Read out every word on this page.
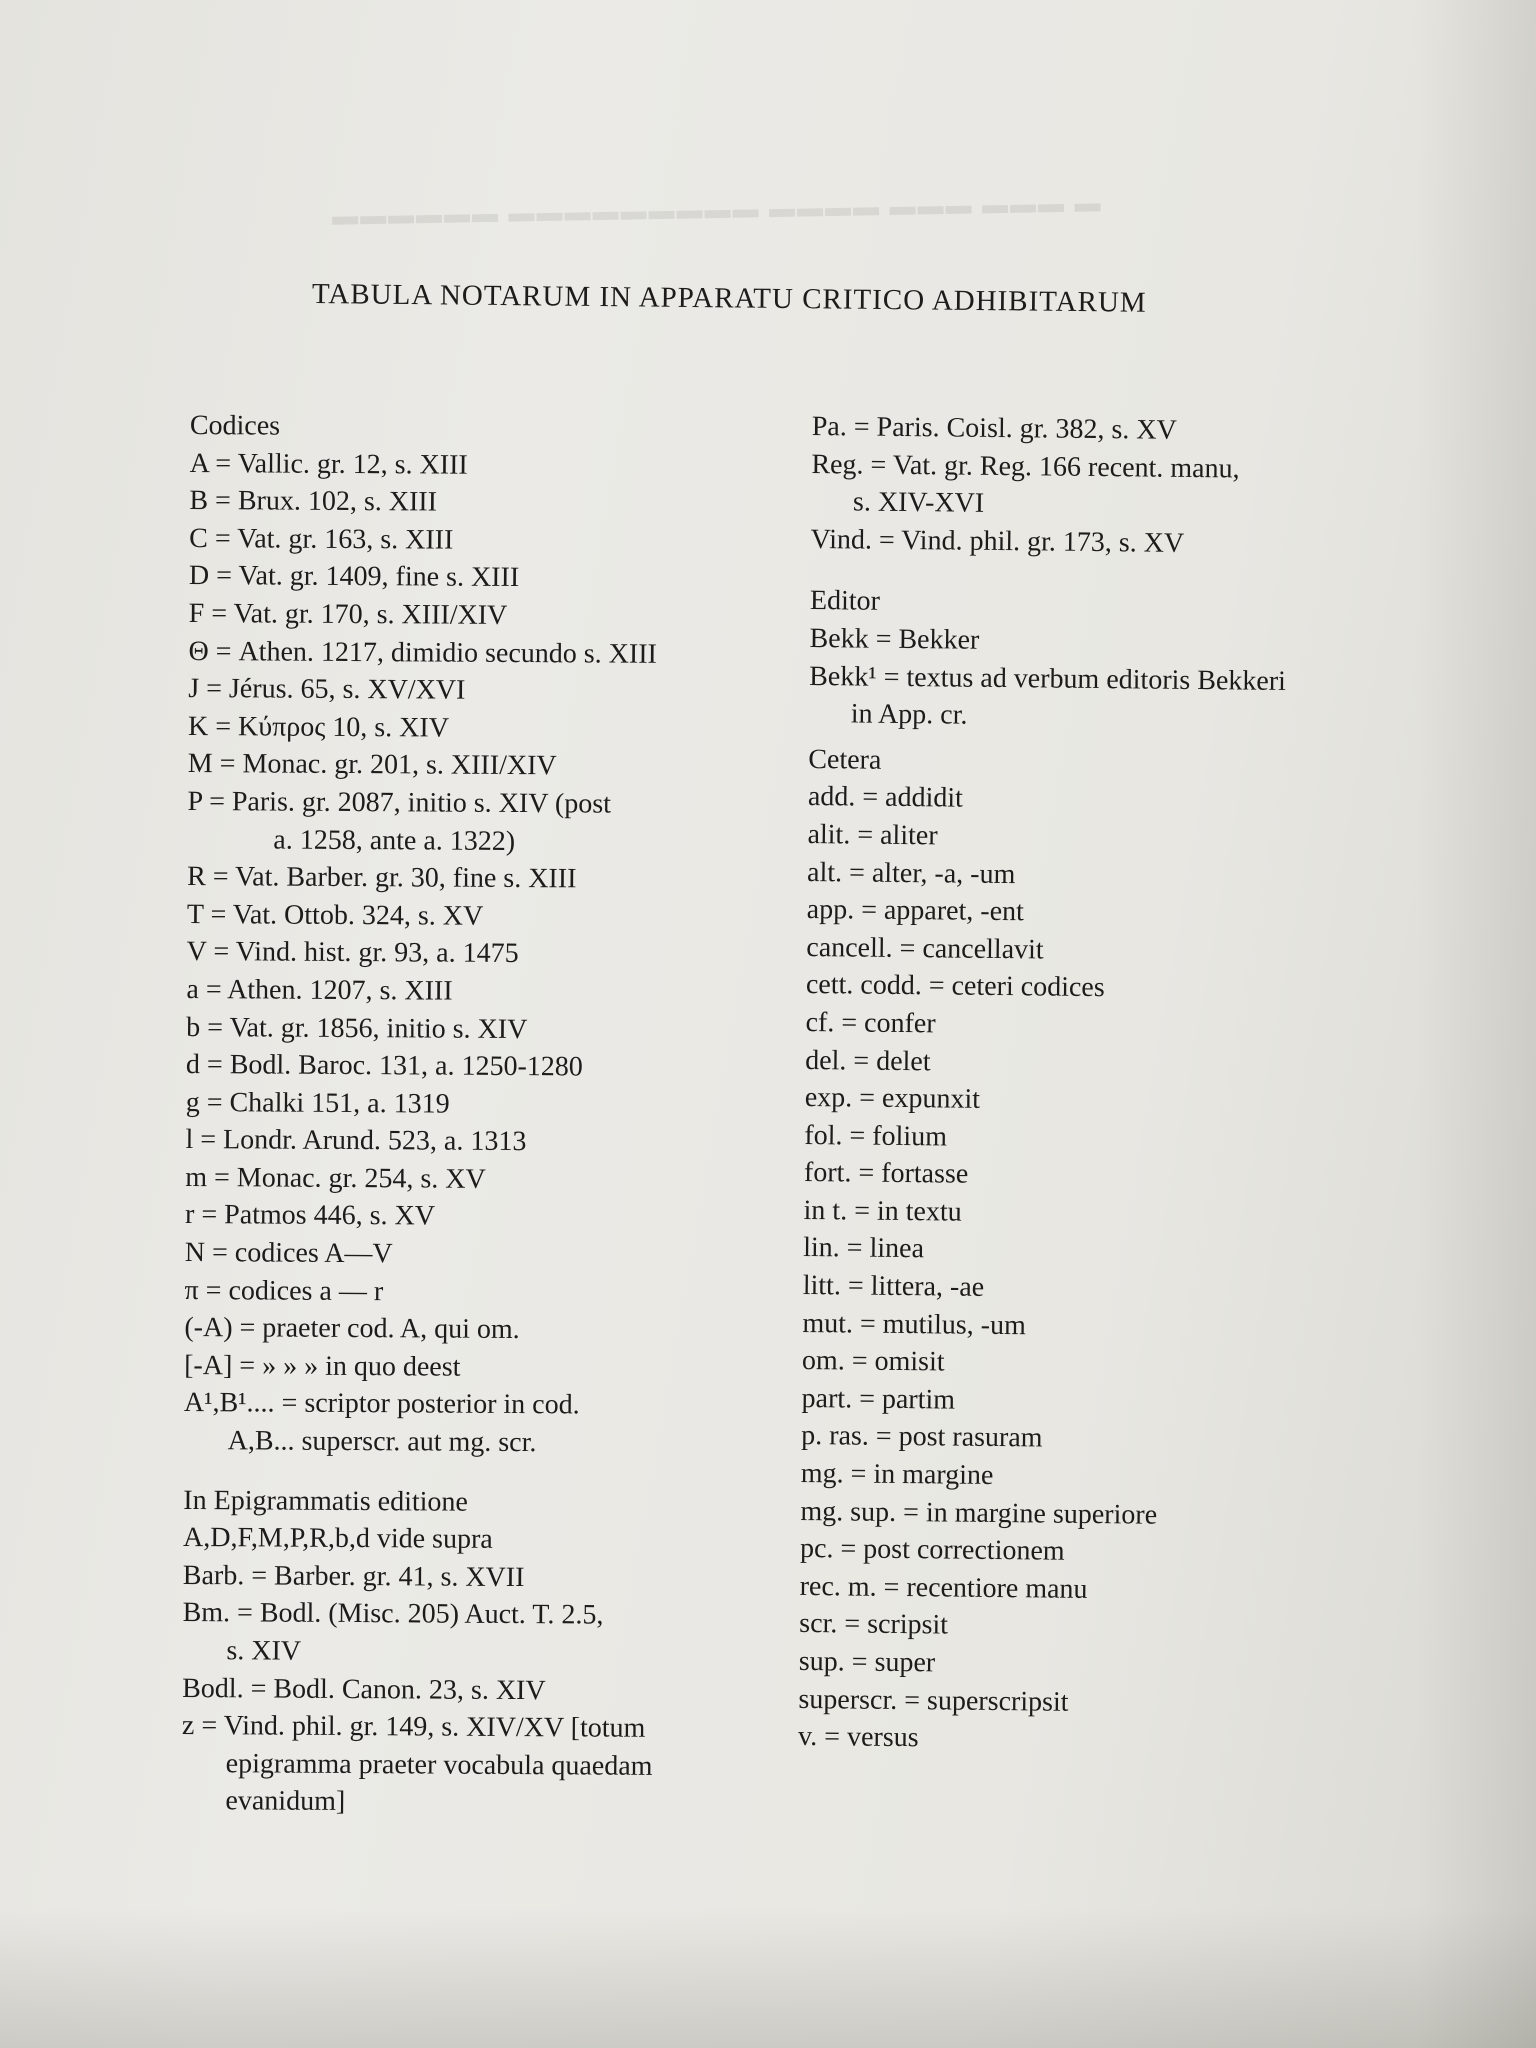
▬ ▬▬▬ ▬▬▬ ▬▬▬▬ ▬▬▬▬▬▬▬▬▬ ▬▬▬▬▬▬
TABULA NOTARUM IN APPARATU CRITICO ADHIBITARUM
Codices
A = Vallic. gr. 12, s. XIII
B = Brux. 102, s. XIII
C = Vat. gr. 163, s. XIII
D = Vat. gr. 1409, fine s. XIII
F = Vat. gr. 170, s. XIII/XIV
Θ = Athen. 1217, dimidio secundo s. XIII
J = Jérus. 65, s. XV/XVI
K = Κύπρος 10, s. XIV
M = Monac. gr. 201, s. XIII/XIV
P = Paris. gr. 2087, initio s. XIV (post
a. 1258, ante a. 1322)
R = Vat. Barber. gr. 30, fine s. XIII
T = Vat. Ottob. 324, s. XV
V = Vind. hist. gr. 93, a. 1475
a = Athen. 1207, s. XIII
b = Vat. gr. 1856, initio s. XIV
d = Bodl. Baroc. 131, a. 1250-1280
g = Chalki 151, a. 1319
l = Londr. Arund. 523, a. 1313
m = Monac. gr. 254, s. XV
r = Patmos 446, s. XV
N = codices A—V
π = codices a — r
(-A) = praeter cod. A, qui om.
[-A] = » » » in quo deest
A¹,B¹.... = scriptor posterior in cod.
A,B... superscr. aut mg. scr.
In Epigrammatis editione
A,D,F,M,P,R,b,d vide supra
Barb. = Barber. gr. 41, s. XVII
Bm. = Bodl. (Misc. 205) Auct. T. 2.5,
s. XIV
Bodl. = Bodl. Canon. 23, s. XIV
z = Vind. phil. gr. 149, s. XIV/XV [totum
epigramma praeter vocabula quaedam
evanidum]
Pa. = Paris. Coisl. gr. 382, s. XV
Reg. = Vat. gr. Reg. 166 recent. manu,
s. XIV-XVI
Vind. = Vind. phil. gr. 173, s. XV
Editor
Bekk = Bekker
Bekk¹ = textus ad verbum editoris Bekkeri
in App. cr.
Cetera
add. = addidit
alit. = aliter
alt. = alter, -a, -um
app. = apparet, -ent
cancell. = cancellavit
cett. codd. = ceteri codices
cf. = confer
del. = delet
exp. = expunxit
fol. = folium
fort. = fortasse
in t. = in textu
lin. = linea
litt. = littera, -ae
mut. = mutilus, -um
om. = omisit
part. = partim
p. ras. = post rasuram
mg. = in margine
mg. sup. = in margine superiore
pc. = post correctionem
rec. m. = recentiore manu
scr. = scripsit
sup. = super
superscr. = superscripsit
v. = versus
